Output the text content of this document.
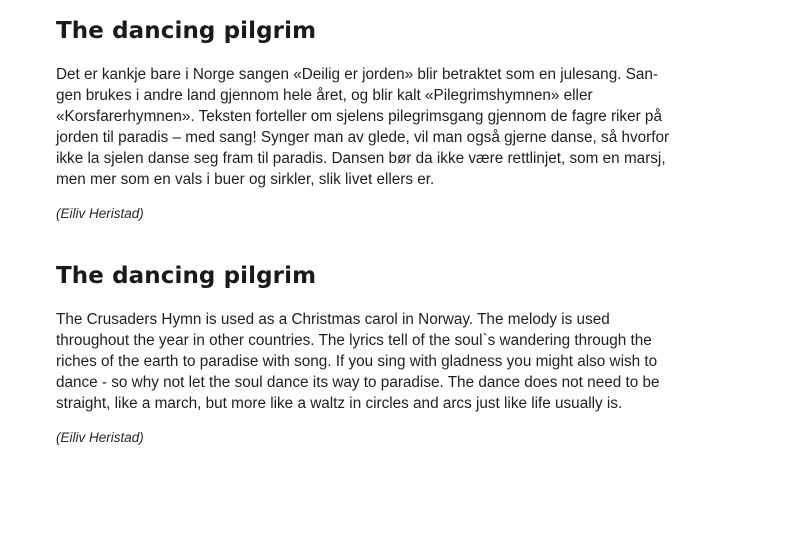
The dancing pilgrim
Det er kankje bare i Norge sangen «Deilig er jorden» blir betraktet som en julesang. San-
gen brukes i andre land gjennom hele året, og blir kalt «Pilegrimshymnen» eller
«Korsfarerhymnen». Teksten forteller om sjelens pilegrimsgang gjennom de fagre riker på
jorden til paradis – med sang! Synger man av glede, vil man også gjerne danse, så hvorfor
ikke la sjelen danse seg fram til paradis. Dansen bør da ikke være rettlinjet, som en marsj,
men mer som en vals i buer og sirkler, slik livet ellers er.

(Eiliv Heristad)

The dancing pilgrim
The Crusaders Hymn is used as a Christmas carol in Norway. The melody is used
throughout the year in other countries. The lyrics tell of the soul`s wandering through the
riches of the earth to paradise with song. If you sing with gladness you might also wish to
dance - so why not let the soul dance its way to paradise. The dance does not need to be
straight, like a march, but more like a waltz in circles and arcs just like life usually is.

(Eiliv Heristad)
